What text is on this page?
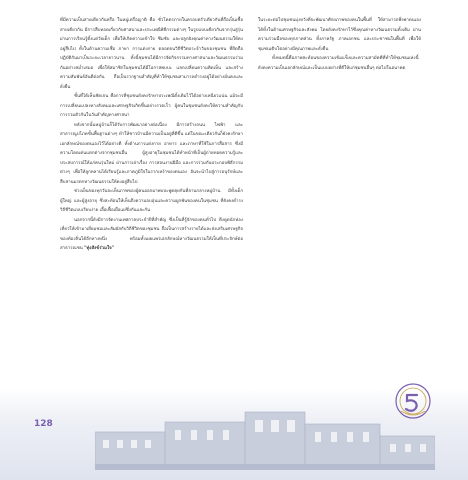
ที่มีความเป็นสายเดียวกันหรือ ในหมู่เครือญาติ คือ ชั่วโคตรภายในครอบครัวเดียวกันที่ถือเป็นเชื้อสายเดียวกัน มีการสืบทอดเกี่ยวกับศาสนาและประเพณีพิธีกรรมต่างๆ ในรูปแบบเดียวกันจากรุ่นสู่รุ่น ผ่านการเรียนรู้ตั้งแต่วัยเด็ก เพื่อให้เกิดความเข้าใจ ซึมซับ และปลูกฝังคุณค่าทางวัฒนธรรมให้คงอยู่สืบไป ทั้งในด้านความเชื่อ ภาษา การแต่งกาย ตลอดจนวิถีชีวิตประจำวันของชุมชน ที่ยึดถือปฏิบัติกันมาเป็นระยะเวลายาวนาน ทั้งนี้ชุมชนได้มีการจัดกิจกรรมทางศาสนาและวัฒนธรรมร่วมกันอย่างสม่ำเสมอ เพื่อให้สมาชิกในชุมชนได้มีโอกาสพบปะ แลกเปลี่ยนความคิดเห็น และสร้างความสัมพันธ์อันดีต่อกัน ถือเป็นรากฐานสำคัญที่ทำให้ชุมชนสามารถดำรงอยู่ได้อย่างมั่นคงและยั่งยืน

ชั้นที่ได้เห็นชัดเจน คือการที่ชุมชนยังคงรักษาประเพณีดั้งเดิมไว้ได้อย่างเหนียวแน่น แม้จะมีการเปลี่ยนแปลงทางสังคมและเศรษฐกิจเกิดขึ้นอย่างรวดเร็ว ผู้คนในชุมชนยังคงให้ความสำคัญกับการรวมตัวกันในวันสำคัญทางศาสนา

หลังจากนั้นหมู่บ้านก็ได้รับการพัฒนาอย่างต่อเนื่อง มีการสร้างถนน ไฟฟ้า และสาธารณูปโภคขั้นพื้นฐานต่างๆ ทำให้ชาวบ้านมีความเป็นอยู่ที่ดีขึ้น แต่ในขณะเดียวกันก็ยังคงรักษาเอกลักษณ์ของตนเองไว้ได้อย่างดี ทั้งด้านการแต่งกาย อาหาร และภาษาที่ใช้ในการสื่อสาร ซึ่งมีความโดดเด่นแตกต่างจากชุมชนอื่น ผู้สูงอายุในชุมชนได้ทำหน้าที่เป็นผู้ถ่ายทอดความรู้และประสบการณ์ให้แก่คนรุ่นใหม่ ผ่านการเล่าเรื่อง การสอนงานฝีมือ และการร่วมกันประกอบพิธีกรรมต่างๆ เพื่อให้ลูกหลานได้เรียนรู้และภาคภูมิใจในรากเหง้าของตนเอง อันจะนำไปสู่การอนุรักษ์และสืบสานมรดกทางวัฒนธรรมให้คงอยู่สืบไป

ช่วงเย็นของทุกวันจะเห็นภาพของผู้คนออกมาพบปะพูดคุยกันที่ลานกลางหมู่บ้าน มีทั้งเด็ก ผู้ใหญ่ และผู้สูงอายุ ซึ่งสะท้อนให้เห็นถึงความอบอุ่นและความผูกพันของคนในชุมชน ที่ยังคงดำรงวิถีชีวิตแบบเรียบง่าย เอื้อเฟื้อเผื่อแผ่ซึ่งกันและกัน

นอกจากนี้ยังมีการจัดงานเทศกาลประจำปีที่สำคัญ ซึ่งเป็นที่รู้จักของคนทั่วไป ดึงดูดนักท่องเที่ยวให้เข้ามาเยี่ยมชมและสัมผัสกับวิถีชีวิตของชุมชน ถือเป็นการสร้างรายได้และส่งเสริมเศรษฐกิจของท้องถิ่นได้อีกทางหนึ่ง พร้อมทั้งเผยแพร่เอกลักษณ์ทางวัฒนธรรมให้เป็นที่ประจักษ์ต่อสาธารณชน "ทุ่งสังข์ร่วมใจ"

ในระยะต่อไปชุมชนมุ่งหวังที่จะพัฒนาศักยภาพของคนในพื้นที่ ให้สามารถพึ่งพาตนเองได้ทั้งในด้านเศรษฐกิจและสังคม โดยยังคงรักษาไว้ซึ่งคุณค่าทางวัฒนธรรมดั้งเดิม ผ่านความร่วมมือของทุกภาคส่วน ทั้งภาครัฐ ภาคเอกชน และประชาชนในพื้นที่ เพื่อให้ชุมชนเติบโตอย่างมีคุณภาพและยั่งยืน

ทั้งหมดนี้คือภาพสะท้อนของความเข้มแข็งและความสามัคคีที่ทำให้ชุมชนแห่งนี้ยังคงความเป็นเอกลักษณ์และเป็นแบบอย่างที่ดีให้แก่ชุมชนอื่นๆ ต่อไปในอนาคต

128
